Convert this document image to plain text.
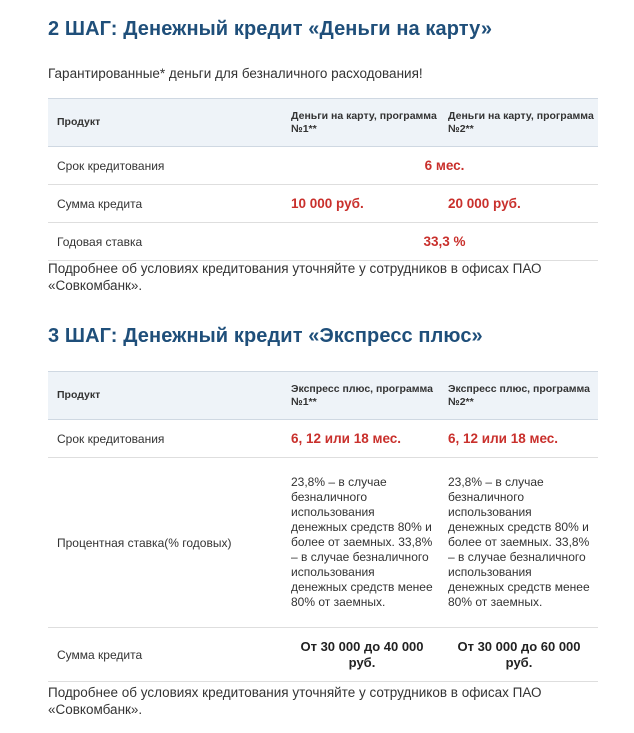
2 ШАГ: Денежный кредит «Деньги на карту»

Гарантированные* деньги для безналичного расходования!

Продукт	Деньги на карту, программа №1**	Деньги на карту, программа №2**
Срок кредитования	6 мес.	
Сумма кредита	10 000 руб.	20 000 руб.
Годовая ставка	33,3 %	

Подробнее об условиях кредитования уточняйте у сотрудников в офисах ПАО «Совкомбанк».

3 ШАГ: Денежный кредит «Экспресс плюс»
Продукт	Экспресс плюс, программа №1**	Экспресс плюс, программа №2**
Срок кредитования	6, 12 или 18 мес.	6, 12 или 18 мес.
Процентная ставка(% годовых)	23,8% – в случае безналичного использования денежных средств 80% и более от заемных. 33,8% – в случае безналичного использования денежных средств менее 80% от заемных.	23,8% – в случае безналичного использования денежных средств 80% и более от заемных. 33,8% – в случае безналичного использования денежных средств менее 80% от заемных.

Сумма кредита	От 30 000 до 40 000 руб.	От 30 000 до 60 000 руб.

Подробнее об условиях кредитования уточняйте у сотрудников в офисах ПАО «Совкомбанк».
